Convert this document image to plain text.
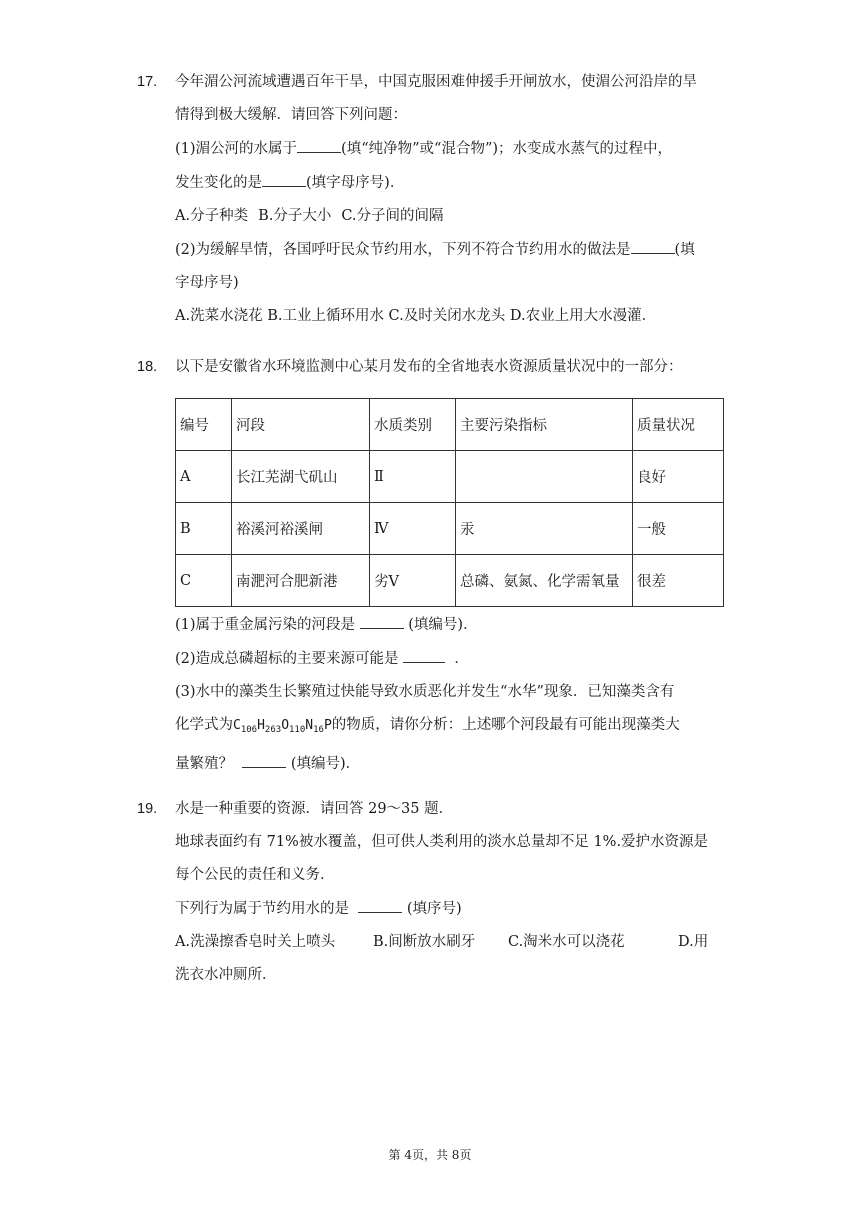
17.	今年湄公河流域遭遇百年干旱，中国克服困难伸援手开闸放水，使湄公河沿岸的旱
情得到极大缓解．请回答下列问题：
(1)湄公河的水属于	(填“纯净物”或“混合物”)；水变成水蒸气的过程中，
发生变化的是	(填字母序号)．
A.分子种类 B.分子大小 C.分子间的间隔
(2)为缓解旱情，各国呼吁民众节约用水，下列不符合节约用水的做法是	(填
字母序号)
A.洗菜水浇花 B.工业上循环用水 C.及时关闭水龙头 D.农业上用大水漫灌．
18.	以下是安徽省水环境监测中心某月发布的全省地表水资源质量状况中的一部分：
编号	河段	水质类别	主要污染指标	质量状况
A	长江芜湖弋矶山	Ⅱ		良好
B	裕溪河裕溪闸	Ⅳ	汞	一般
C	南淝河合肥新港	劣Ⅴ	总磷、氨氮、化学需氧量	很差
(1)属于重金属污染的河段是	(填编号)．
(2)造成总磷超标的主要来源可能是	．
(3)水中的藻类生长繁殖过快能导致水质恶化并发生“水华”现象．已知藻类含有
化学式为$C_{106}H_{263}O_{110}N_{16}P$的物质，请你分析：上述哪个河段最有可能出现藻类大
量繁殖？	(填编号)．
19.	水是一种重要的资源．请回答 29～35 题．
地球表面约有 71%被水覆盖，但可供人类利用的淡水总量却不足 1%.爱护水资源是
每个公民的责任和义务．
下列行为属于节约用水的是	(填序号)
A.洗澡擦香皂时关上喷头	B.间断放水刷牙 C.淘米水可以浇花	D.用
洗衣水冲厕所．
第 4页，共 8页
